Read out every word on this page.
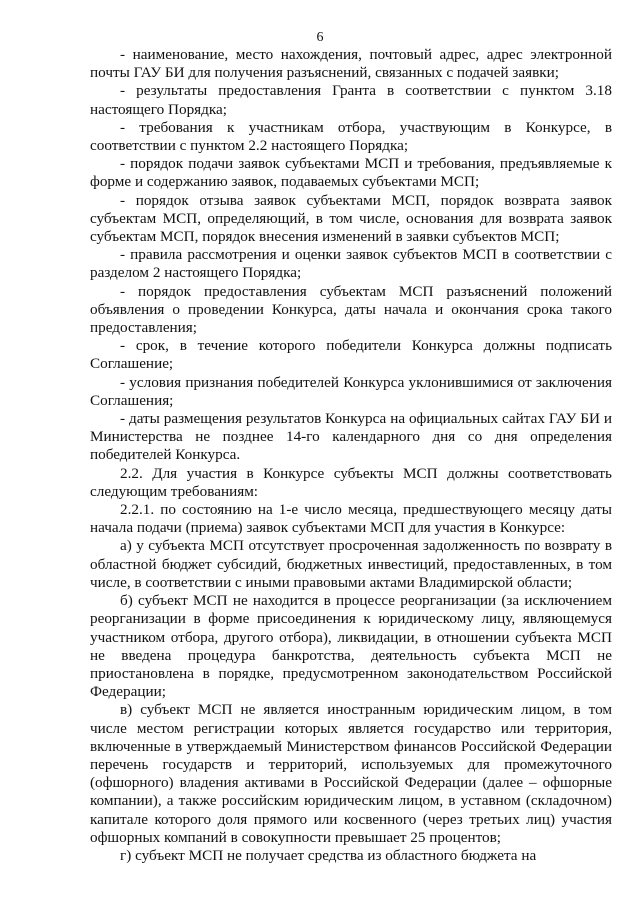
6

- наименование, место нахождения, почтовый адрес, адрес электронной почты ГАУ БИ для получения разъяснений, связанных с подачей заявки;

- результаты предоставления Гранта в соответствии с пунктом 3.18 настоящего Порядка;

- требования к участникам отбора, участвующим в Конкурсе, в соответствии с пунктом 2.2 настоящего Порядка;

- порядок подачи заявок субъектами МСП и требования, предъявляемые к форме и содержанию заявок, подаваемых субъектами МСП;

- порядок отзыва заявок субъектами МСП, порядок возврата заявок субъектам МСП, определяющий, в том числе, основания для возврата заявок субъектам МСП, порядок внесения изменений в заявки субъектов МСП;

- правила рассмотрения и оценки заявок субъектов МСП в соответствии с разделом 2 настоящего Порядка;

- порядок предоставления субъектам МСП разъяснений положений объявления о проведении Конкурса, даты начала и окончания срока такого предоставления;

- срок, в течение которого победители Конкурса должны подписать Соглашение;

- условия признания победителей Конкурса уклонившимися от заключения Соглашения;

- даты размещения результатов Конкурса на официальных сайтах ГАУ БИ и Министерства не позднее 14-го календарного дня со дня определения победителей Конкурса.

2.2. Для участия в Конкурсе субъекты МСП должны соответствовать следующим требованиям:

2.2.1. по состоянию на 1-е число месяца, предшествующего месяцу даты начала подачи (приема) заявок субъектами МСП для участия в Конкурсе:

а) у субъекта МСП отсутствует просроченная задолженность по возврату в областной бюджет субсидий, бюджетных инвестиций, предоставленных, в том числе, в соответствии с иными правовыми актами Владимирской области;

б) субъект МСП не находится в процессе реорганизации (за исключением реорганизации в форме присоединения к юридическому лицу, являющемуся участником отбора, другого отбора), ликвидации, в отношении субъекта МСП не введена процедура банкротства, деятельность субъекта МСП не приостановлена в порядке, предусмотренном законодательством Российской Федерации;

в) субъект МСП не является иностранным юридическим лицом, в том числе местом регистрации которых является государство или территория, включенные в утверждаемый Министерством финансов Российской Федерации перечень государств и территорий, используемых для промежуточного (офшорного) владения активами в Российской Федерации (далее – офшорные компании), а также российским юридическим лицом, в уставном (складочном) капитале которого доля прямого или косвенного (через третьих лиц) участия офшорных компаний в совокупности превышает 25 процентов;

г) субъект МСП не получает средства из областного бюджета на
